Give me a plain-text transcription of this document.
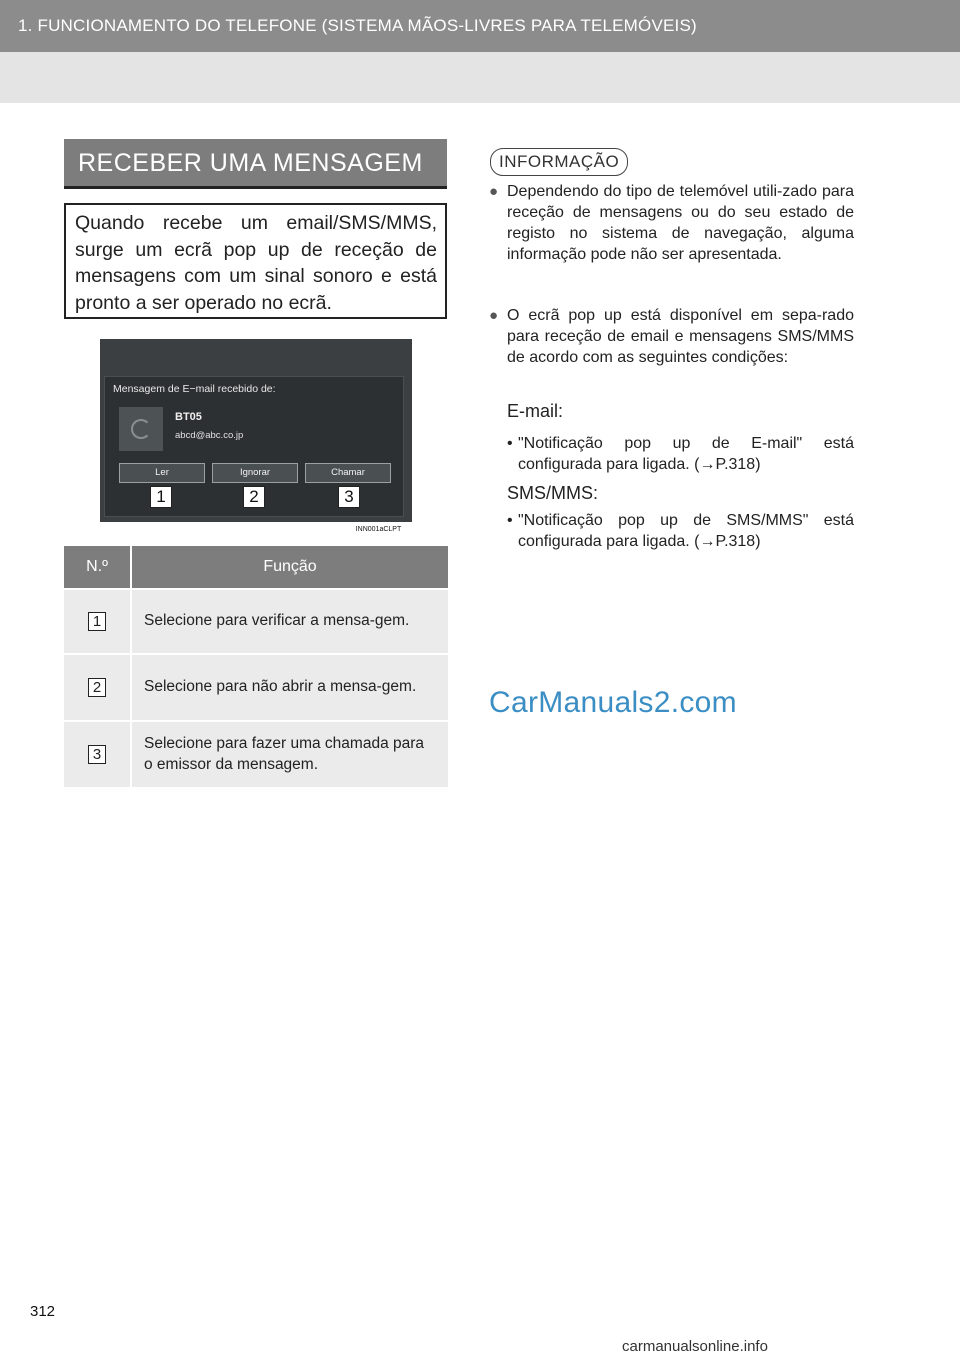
1. FUNCIONAMENTO DO TELEFONE (SISTEMA MÃOS-LIVRES PARA TELEMÓVEIS)
RECEBER UMA MENSAGEM
Quando recebe um email/SMS/MMS, surge um ecrã pop up de receção de mensagens com um sinal sonoro e está pronto a ser operado no ecrã.
Mensagem de E−mail recebido de:
BT05
abcd@abc.co.jp
Ler	Ignorar	Chamar
1	2	3
INN001aCLPT
N.º	Função
1	Selecione para verificar a mensa-gem.
2	Selecione para não abrir a mensa-gem.
3	Selecione para fazer uma chamada para o emissor da mensagem.
INFORMAÇÃO
● Dependendo do tipo de telemóvel utili-zado para receção de mensagens ou do seu estado de registo no sistema de navegação, alguma informação pode não ser apresentada.
● O ecrã pop up está disponível em sepa-rado para receção de email e mensagens SMS/MMS de acordo com as seguintes condições:
E-mail:
• "Notificação pop up de E-mail" está configurada para ligada. (→P.318)
SMS/MMS:
• "Notificação pop up de SMS/MMS" está configurada para ligada. (→P.318)
CarManuals2.com
312
carmanualsonline.info
